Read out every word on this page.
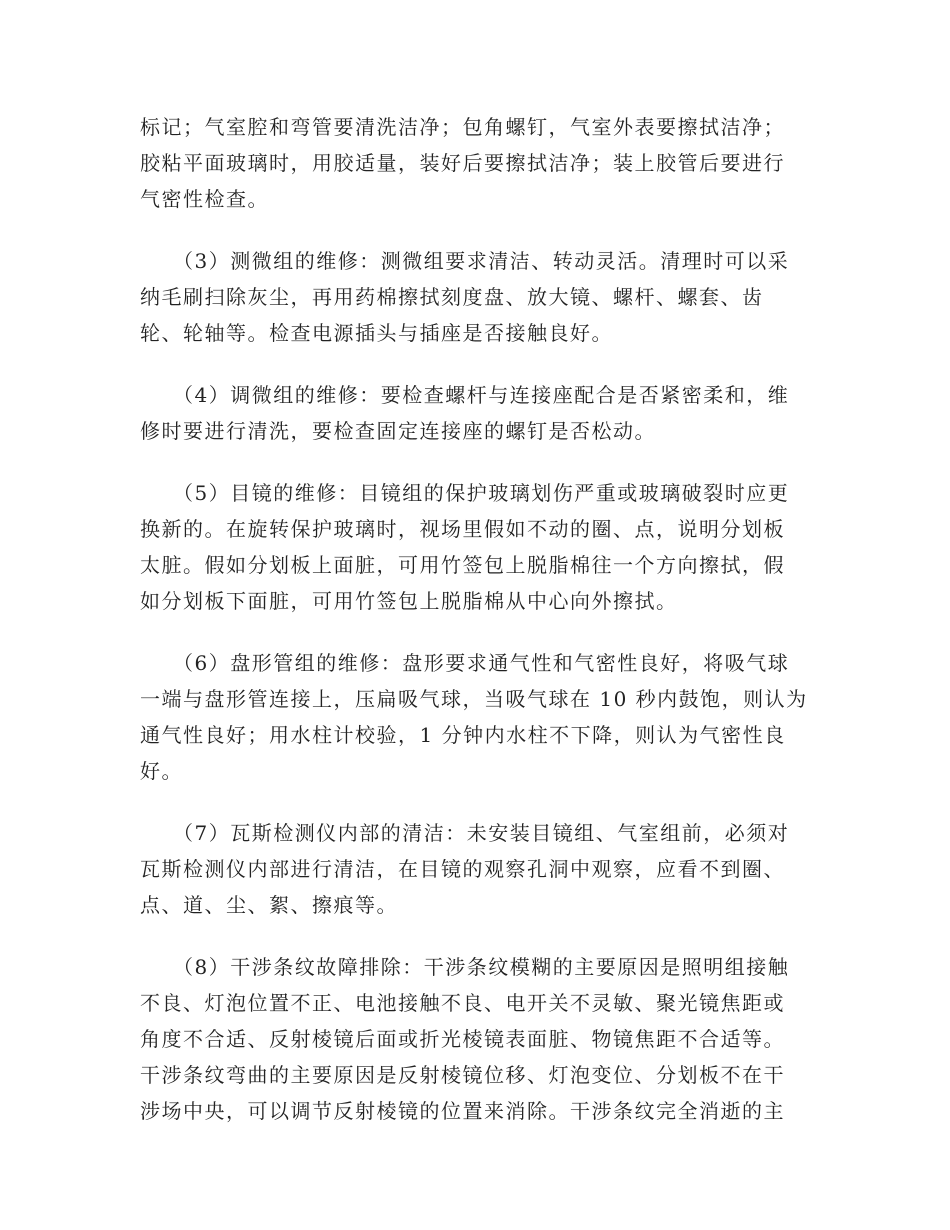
标记；气室腔和弯管要清洗洁净；包角螺钉，气室外表要擦拭洁净；
胶粘平面玻璃时，用胶适量，装好后要擦拭洁净；装上胶管后要进行
气密性检查。
　　（3）测微组的维修：测微组要求清洁、转动灵活。清理时可以采
纳毛刷扫除灰尘，再用药棉擦拭刻度盘、放大镜、螺杆、螺套、齿
轮、轮轴等。检查电源插头与插座是否接触良好。
　　（4）调微组的维修：要检查螺杆与连接座配合是否紧密柔和，维
修时要进行清洗，要检查固定连接座的螺钉是否松动。
　　（5）目镜的维修：目镜组的保护玻璃划伤严重或玻璃破裂时应更
换新的。在旋转保护玻璃时，视场里假如不动的圈、点，说明分划板
太脏。假如分划板上面脏，可用竹签包上脱脂棉往一个方向擦拭，假
如分划板下面脏，可用竹签包上脱脂棉从中心向外擦拭。
　　（6）盘形管组的维修：盘形要求通气性和气密性良好，将吸气球
一端与盘形管连接上，压扁吸气球，当吸气球在 10 秒内鼓饱，则认为
通气性良好；用水柱计校验，1 分钟内水柱不下降，则认为气密性良
好。
　　（7）瓦斯检测仪内部的清洁：未安装目镜组、气室组前，必须对
瓦斯检测仪内部进行清洁，在目镜的观察孔洞中观察，应看不到圈、
点、道、尘、絮、擦痕等。
　　（8）干涉条纹故障排除：干涉条纹模糊的主要原因是照明组接触
不良、灯泡位置不正、电池接触不良、电开关不灵敏、聚光镜焦距或
角度不合适、反射棱镜后面或折光棱镜表面脏、物镜焦距不合适等。
干涉条纹弯曲的主要原因是反射棱镜位移、灯泡变位、分划板不在干
涉场中央，可以调节反射棱镜的位置来消除。干涉条纹完全消逝的主
